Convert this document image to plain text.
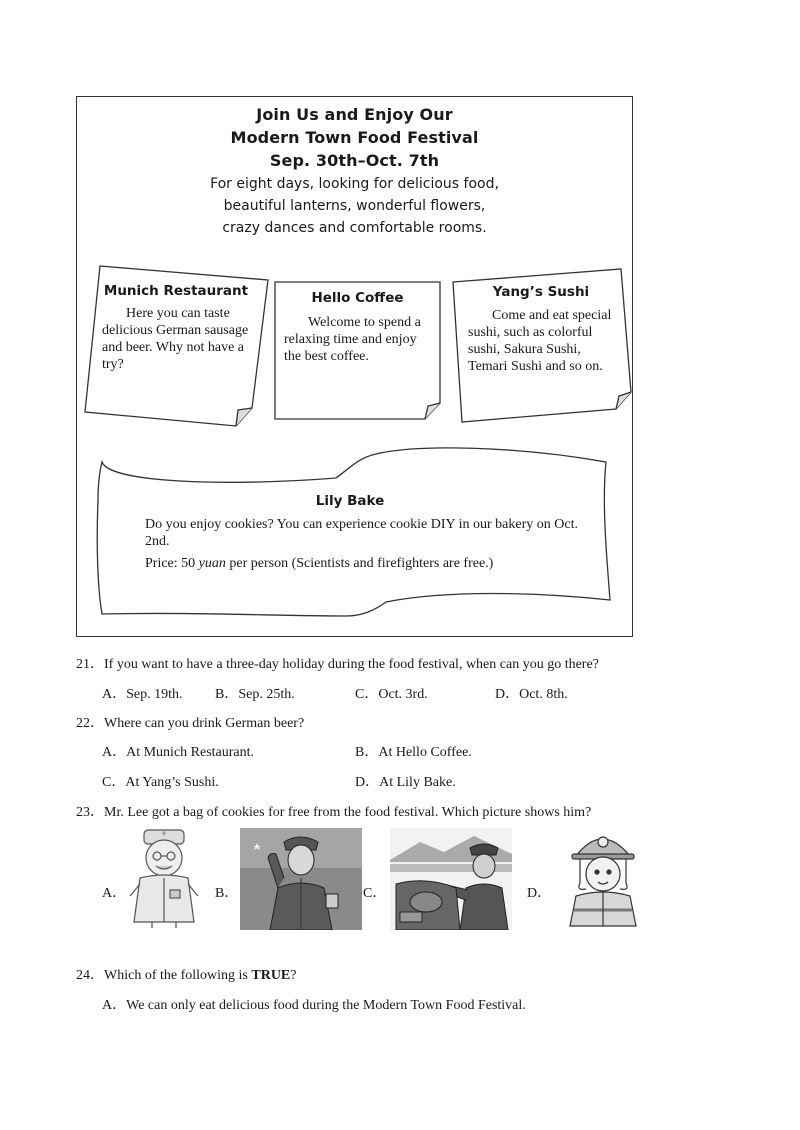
Join Us and Enjoy Our
Modern Town Food Festival
Sep. 30th–Oct. 7th
For eight days, looking for delicious food,
beautiful lanterns, wonderful flowers,
crazy dances and comfortable rooms.
Munich Restaurant
Here you can taste delicious German sausage and beer. Why not have a try?
Hello Coffee
Welcome to spend a relaxing time and enjoy the best coffee.
Yang’s Sushi
Come and eat special sushi, such as colorful sushi, Sakura Sushi, Temari Sushi and so on.
Lily Bake
Do you enjoy cookies? You can experience cookie DIY in our bakery on Oct. 2nd.
Price: 50 yuan per person (Scientists and firefighters are free.)
21．If you want to have a three-day holiday during the food festival, when can you go there?
A．Sep. 19th. B．Sep. 25th.	C．Oct. 3rd.	D．Oct. 8th.
22．Where can you drink German beer?
A．At Munich Restaurant.	B．At Hello Coffee.
C．At Yang’s Sushi.	D．At Lily Bake.
23．Mr. Lee got a bag of cookies for free from the food festival. Which picture shows him?
A．	B．	C．	D．
24．Which of the following is TRUE?
A．We can only eat delicious food during the Modern Town Food Festival.
